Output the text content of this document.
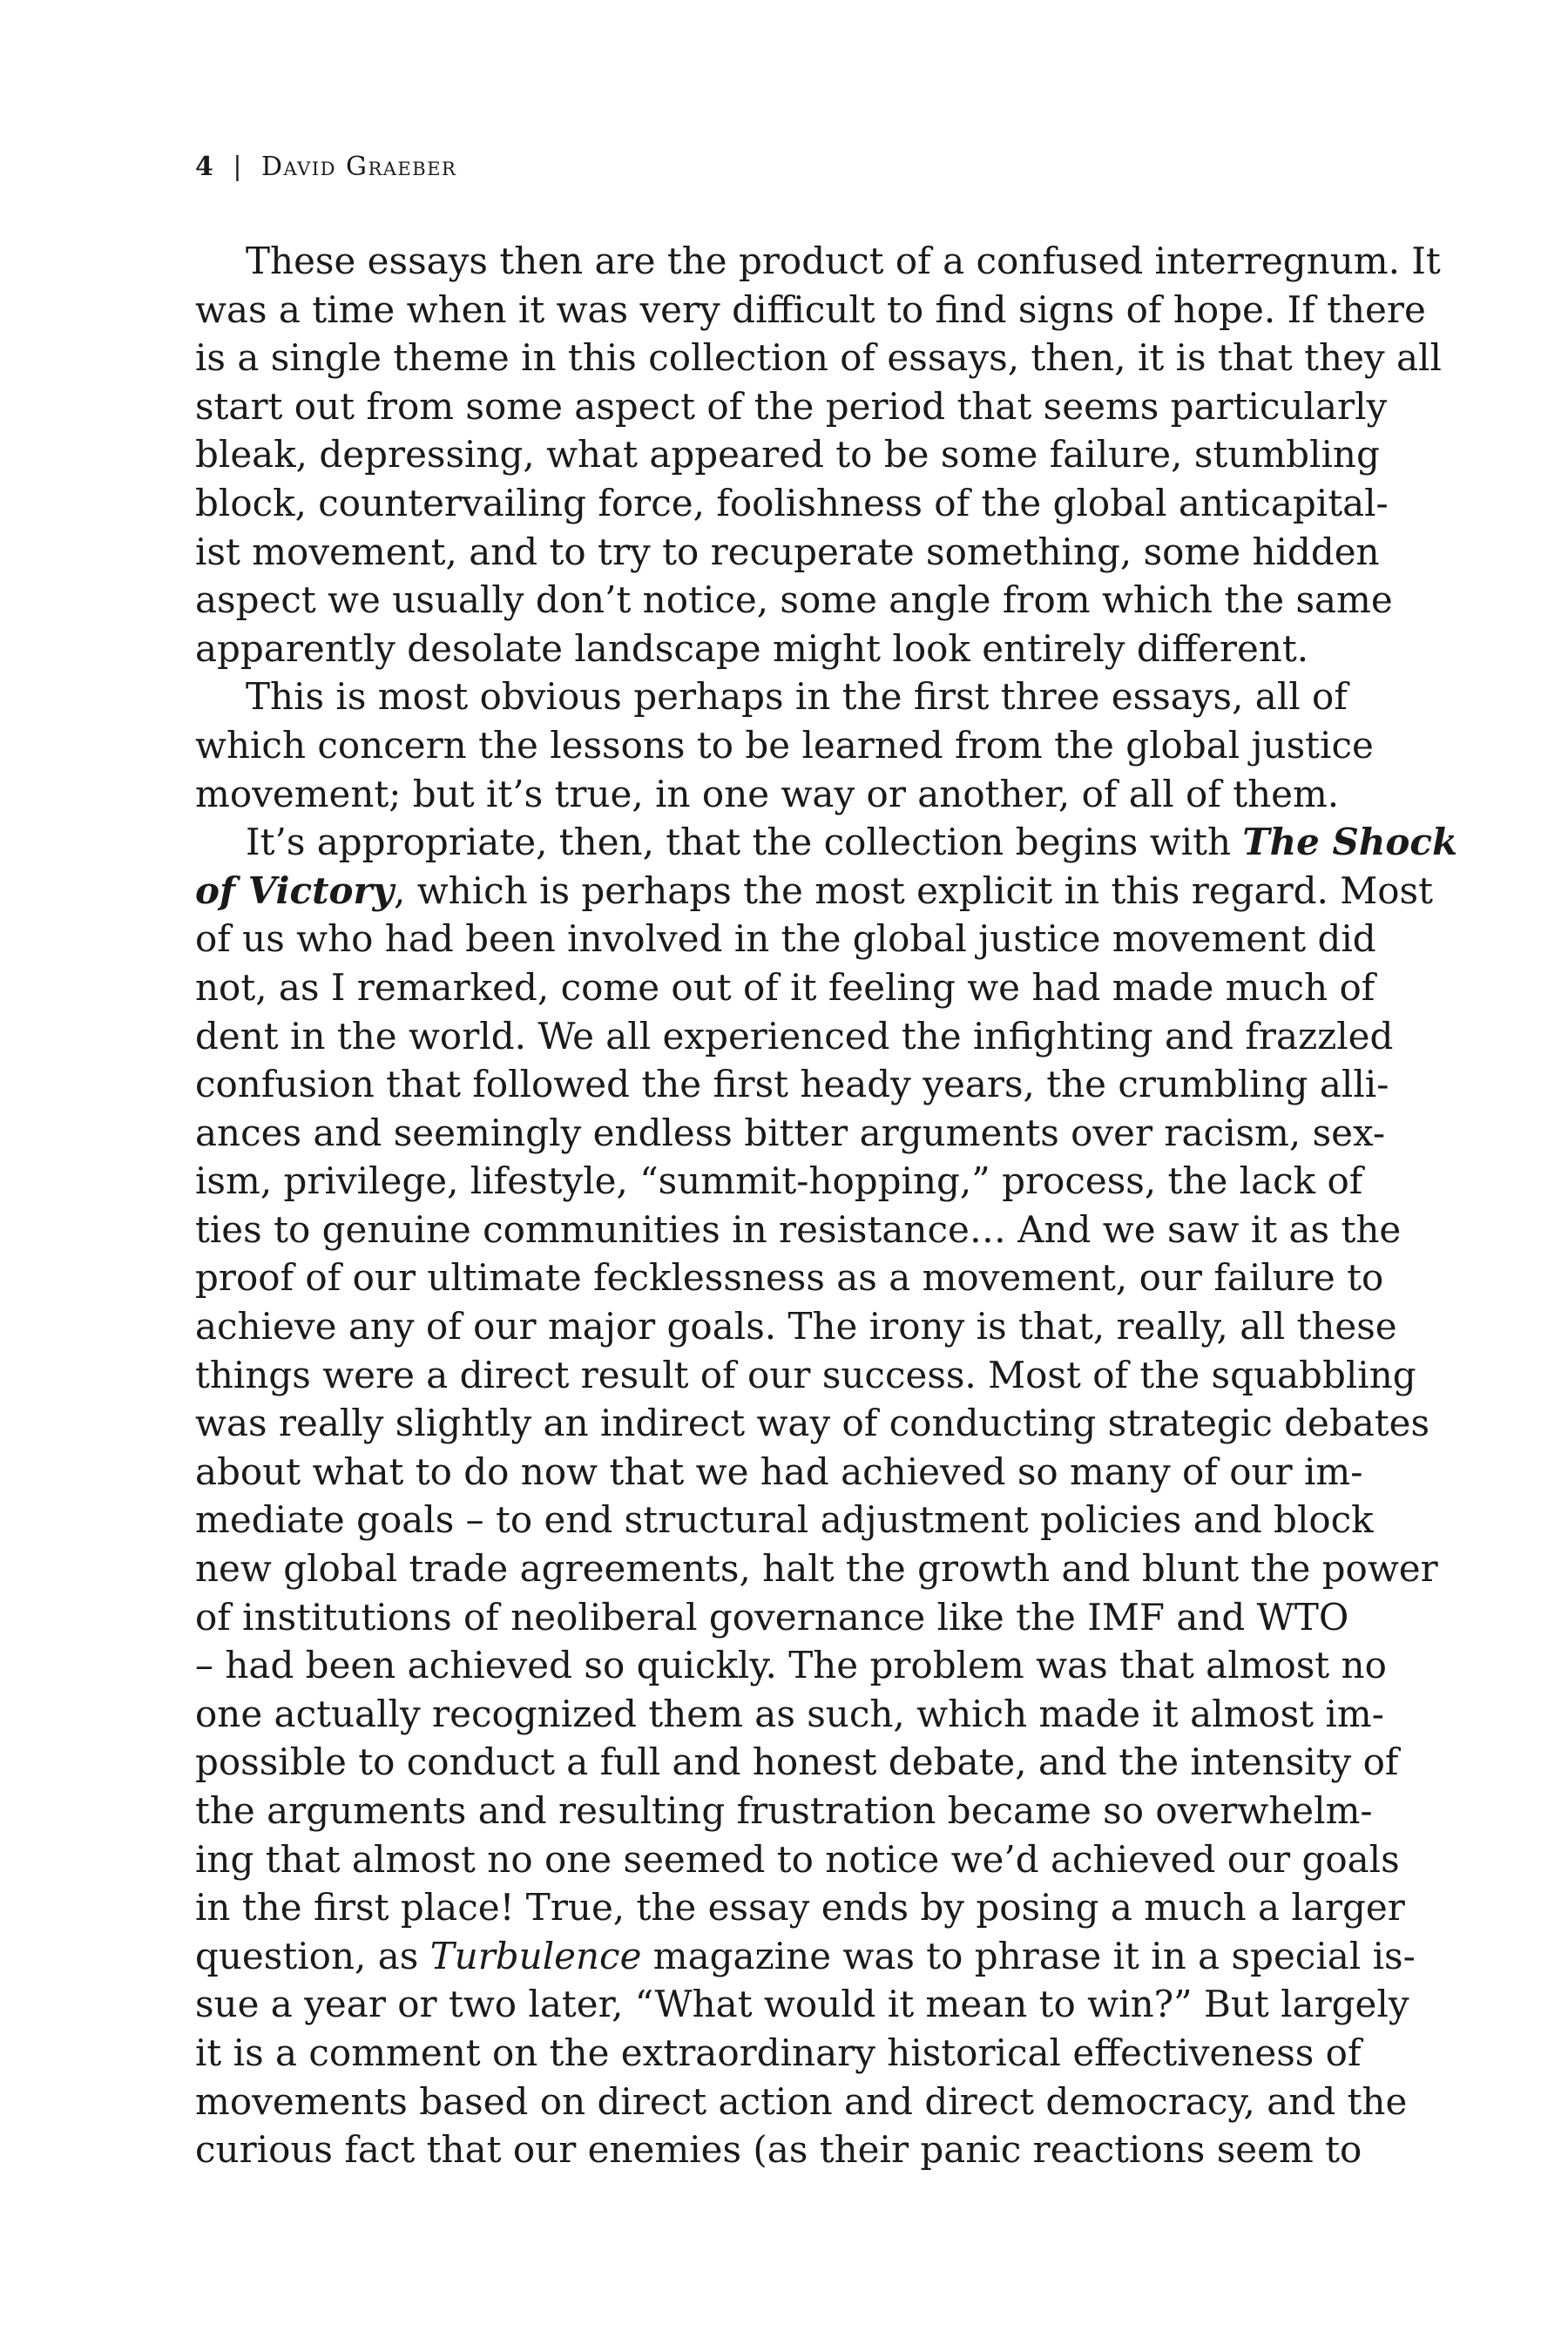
4 | David Graeber
These essays then are the product of a confused interregnum. It
was a time when it was very difficult to find signs of hope. If there
is a single theme in this collection of essays, then, it is that they all
start out from some aspect of the period that seems particularly
bleak, depressing, what appeared to be some failure, stumbling
block, countervailing force, foolishness of the global anticapital-
ist movement, and to try to recuperate something, some hidden
aspect we usually don’t notice, some angle from which the same
apparently desolate landscape might look entirely different.
This is most obvious perhaps in the first three essays, all of
which concern the lessons to be learned from the global justice
movement; but it’s true, in one way or another, of all of them.
It’s appropriate, then, that the collection begins with The Shock
of Victory, which is perhaps the most explicit in this regard. Most
of us who had been involved in the global justice movement did
not, as I remarked, come out of it feeling we had made much of
dent in the world. We all experienced the infighting and frazzled
confusion that followed the first heady years, the crumbling alli-
ances and seemingly endless bitter arguments over racism, sex-
ism, privilege, lifestyle, “summit-hopping,” process, the lack of
ties to genuine communities in resistance… And we saw it as the
proof of our ultimate fecklessness as a movement, our failure to
achieve any of our major goals. The irony is that, really, all these
things were a direct result of our success. Most of the squabbling
was really slightly an indirect way of conducting strategic debates
about what to do now that we had achieved so many of our im-
mediate goals – to end structural adjustment policies and block
new global trade agreements, halt the growth and blunt the power
of institutions of neoliberal governance like the IMF and WTO
– had been achieved so quickly. The problem was that almost no
one actually recognized them as such, which made it almost im-
possible to conduct a full and honest debate, and the intensity of
the arguments and resulting frustration became so overwhelm-
ing that almost no one seemed to notice we’d achieved our goals
in the first place! True, the essay ends by posing a much a larger
question, as Turbulence magazine was to phrase it in a special is-
sue a year or two later, “What would it mean to win?” But largely
it is a comment on the extraordinary historical effectiveness of
movements based on direct action and direct democracy, and the
curious fact that our enemies (as their panic reactions seem to
